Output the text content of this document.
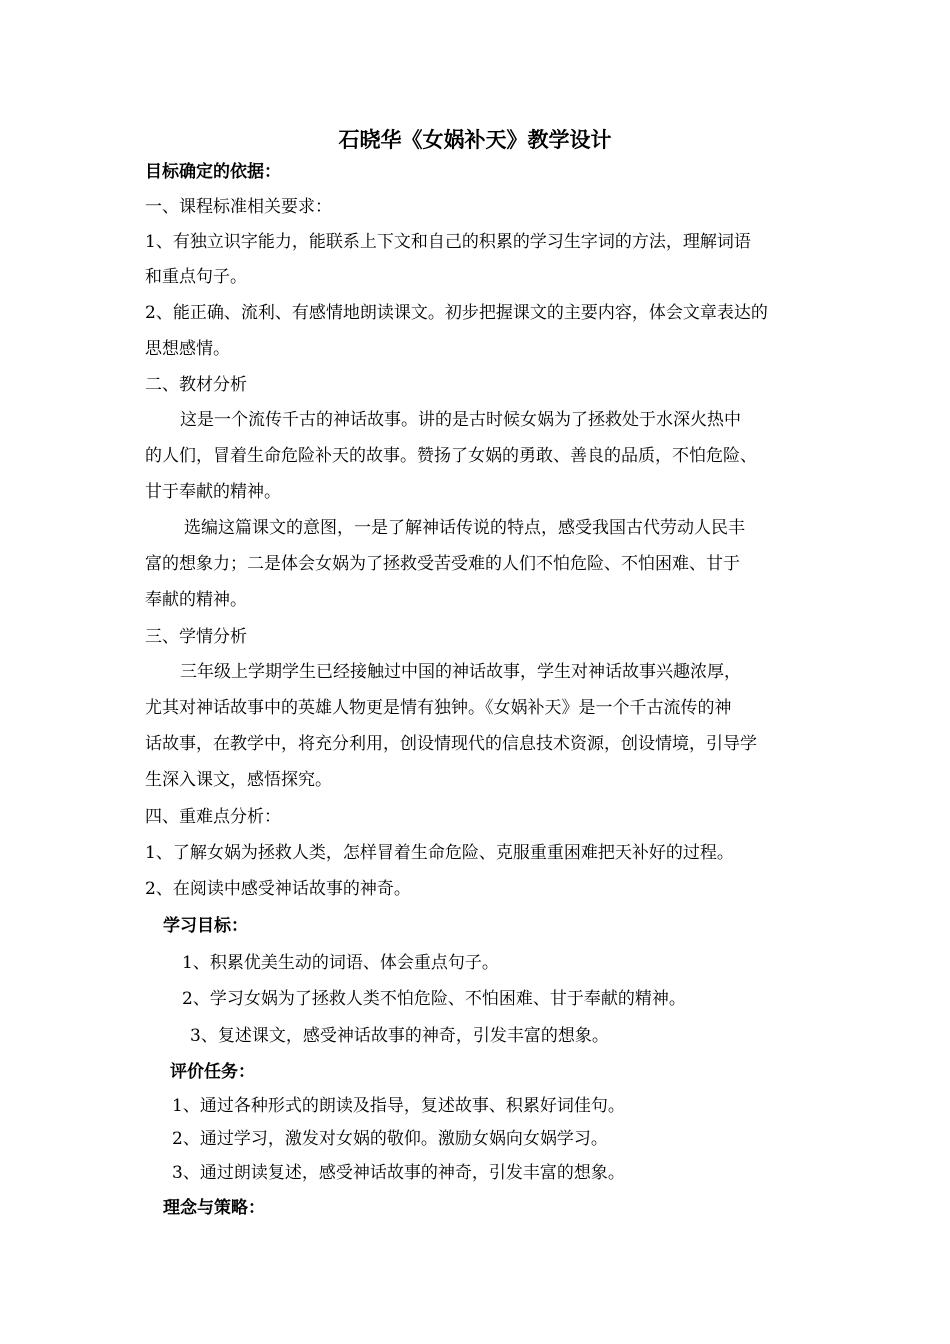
石晓华《女娲补天》教学设计
目标确定的依据：
一、课程标准相关要求：
1、有独立识字能力，能联系上下文和自己的积累的学习生字词的方法，理解词语
和重点句子。
2、能正确、流利、有感情地朗读课文。初步把握课文的主要内容，体会文章表达的
思想感情。
二、教材分析
这是一个流传千古的神话故事。讲的是古时候女娲为了拯救处于水深火热中
的人们，冒着生命危险补天的故事。赞扬了女娲的勇敢、善良的品质，不怕危险、
甘于奉献的精神。
选编这篇课文的意图，一是了解神话传说的特点，感受我国古代劳动人民丰
富的想象力；二是体会女娲为了拯救受苦受难的人们不怕危险、不怕困难、甘于
奉献的精神。
三、学情分析
三年级上学期学生已经接触过中国的神话故事，学生对神话故事兴趣浓厚，
尤其对神话故事中的英雄人物更是情有独钟。《女娲补天》是一个千古流传的神
话故事，在教学中，将充分利用，创设情现代的信息技术资源，创设情境，引导学
生深入课文，感悟探究。
四、重难点分析：
1、了解女娲为拯救人类，怎样冒着生命危险、克服重重困难把天补好的过程。
2、在阅读中感受神话故事的神奇。
学习目标：
1、积累优美生动的词语、体会重点句子。
2、学习女娲为了拯救人类不怕危险、不怕困难、甘于奉献的精神。
3、复述课文，感受神话故事的神奇，引发丰富的想象。
评价任务：
1、通过各种形式的朗读及指导，复述故事、积累好词佳句。
2、通过学习，激发对女娲的敬仰。激励女娲向女娲学习。
3、通过朗读复述，感受神话故事的神奇，引发丰富的想象。
理念与策略：
